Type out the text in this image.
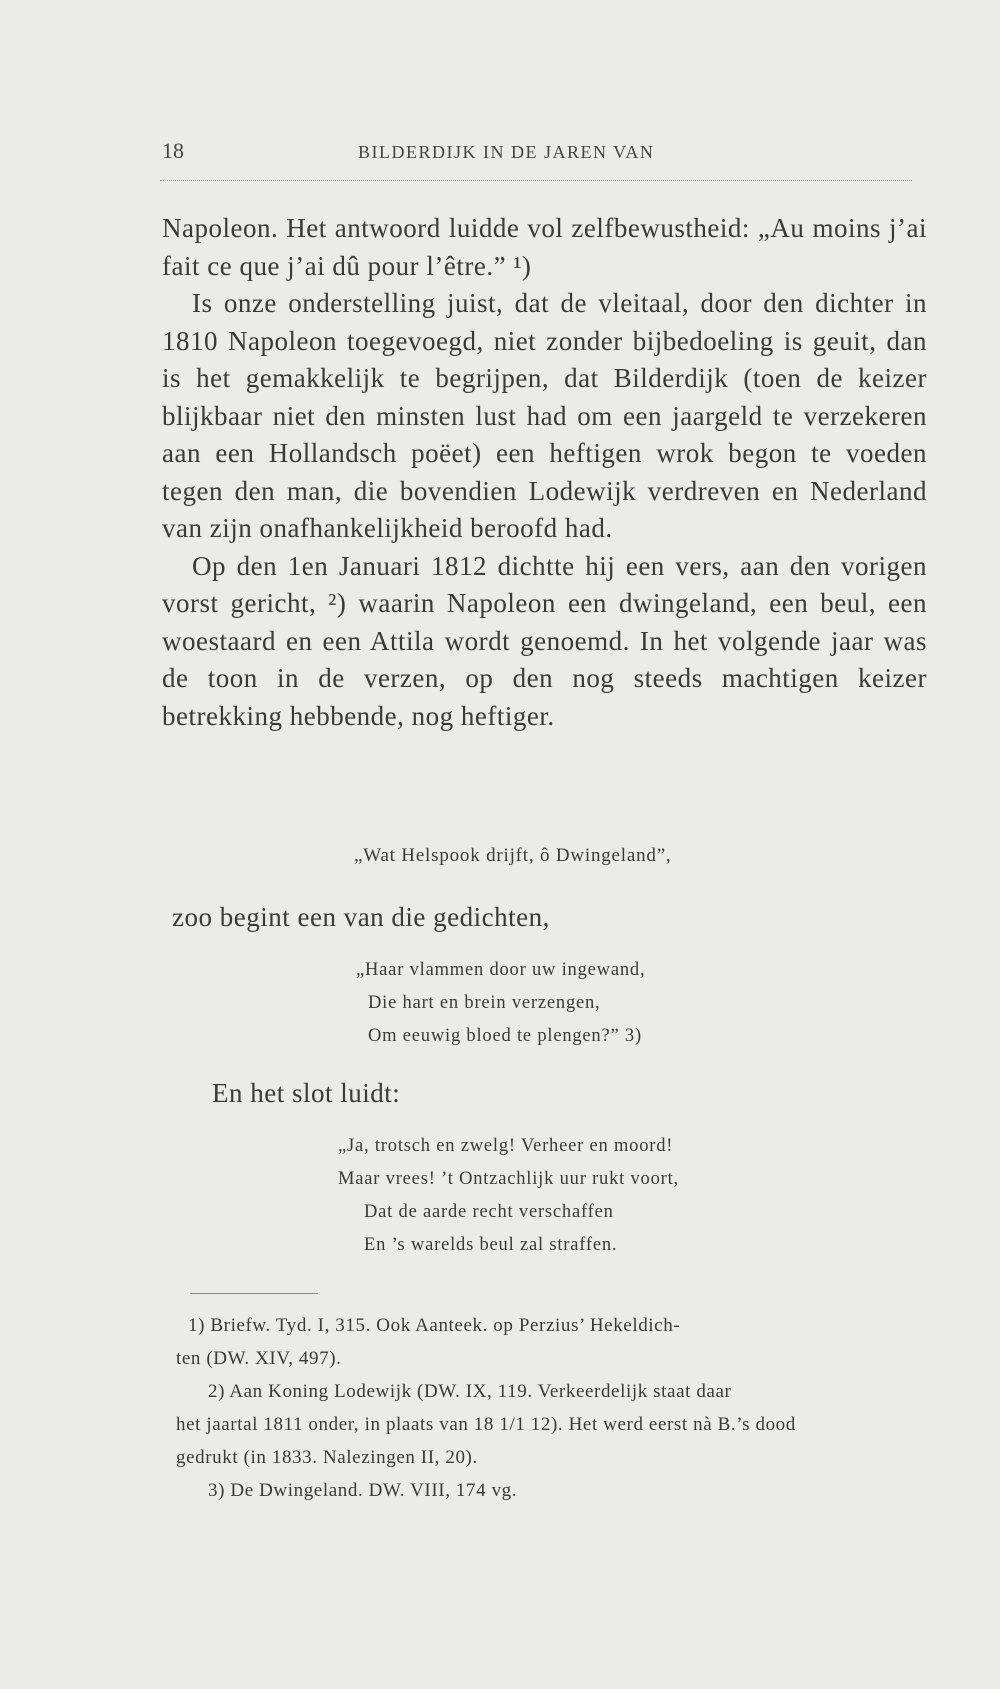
18	BILDERDIJK IN DE JAREN VAN

Napoleon. Het antwoord luidde vol zelfbewustheid: „Au moins j’ai fait ce que j’ai dû pour l’être.” ¹)

Is onze onderstelling juist, dat de vleitaal, door den dichter in 1810 Napoleon toegevoegd, niet zonder bijbedoeling is geuit, dan is het gemakkelijk te begrijpen, dat Bilderdijk (toen de keizer blijkbaar niet den minsten lust had om een jaargeld te verzekeren aan een Hollandsch poëet) een heftigen wrok begon te voeden tegen den man, die bovendien Lodewijk verdreven en Nederland van zijn onafhankelijkheid beroofd had.

Op den 1en Januari 1812 dichtte hij een vers, aan den vorigen vorst gericht, ²) waarin Napoleon een dwingeland, een beul, een woestaard en een Attila wordt genoemd. In het volgende jaar was de toon in de verzen, op den nog steeds machtigen keizer betrekking hebbende, nog heftiger.

„Wat Helspook drijft, ô Dwingeland”,
zoo begint een van die gedichten,
„Haar vlammen door uw ingewand,
Die hart en brein verzengen,
Om eeuwig bloed te plengen?” 3)
En het slot luidt:
„Ja, trotsch en zwelg! Verheer en moord!
Maar vrees! ’t Ontzachlijk uur rukt voort,
Dat de aarde recht verschaffen
En ’s warelds beul zal straffen.

1) Briefw. Tyd. I, 315. Ook Aanteek. op Perzius’ Hekeldich-

ten (DW. XIV, 497).

2) Aan Koning Lodewijk (DW. IX, 119. Verkeerdelijk staat daar

het jaartal 1811 onder, in plaats van 18 1/1 12). Het werd eerst nà B.’s dood

gedrukt (in 1833. Nalezingen II, 20).

3) De Dwingeland. DW. VIII, 174 vg.
